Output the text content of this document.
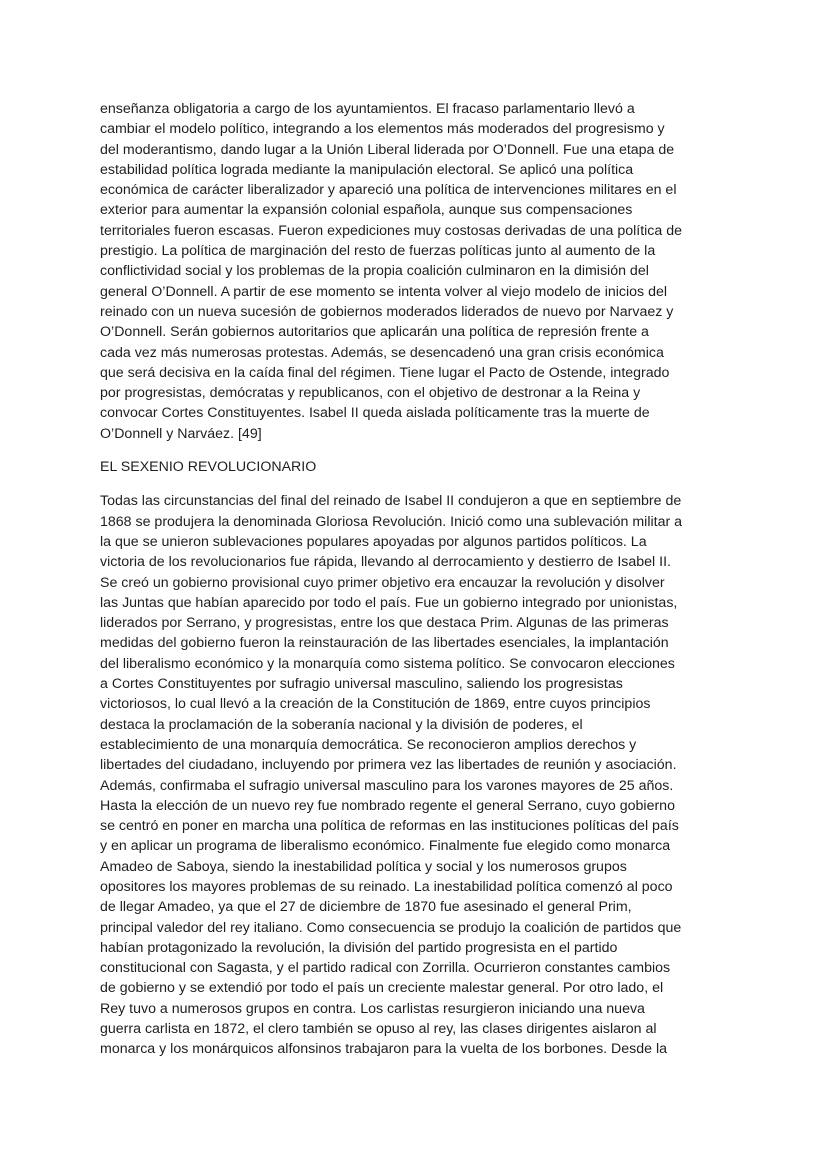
enseñanza obligatoria a cargo de los ayuntamientos. El fracaso parlamentario llevó a
cambiar el modelo político, integrando a los elementos más moderados del progresismo y
del moderantismo, dando lugar a la Unión Liberal liderada por O’Donnell. Fue una etapa de
estabilidad política lograda mediante la manipulación electoral. Se aplicó una política
económica de carácter liberalizador y apareció una política de intervenciones militares en el
exterior para aumentar la expansión colonial española, aunque sus compensaciones
territoriales fueron escasas. Fueron expediciones muy costosas derivadas de una política de
prestigio. La política de marginación del resto de fuerzas políticas junto al aumento de la
conflictividad social y los problemas de la propia coalición culminaron en la dimisión del
general O’Donnell. A partir de ese momento se intenta volver al viejo modelo de inicios del
reinado con un nueva sucesión de gobiernos moderados liderados de nuevo por Narvaez y
O’Donnell. Serán gobiernos autoritarios que aplicarán una política de represión frente a
cada vez más numerosas protestas. Además, se desencadenó una gran crisis económica
que será decisiva en la caída final del régimen. Tiene lugar el Pacto de Ostende, integrado
por progresistas, demócratas y republicanos, con el objetivo de destronar a la Reina y
convocar Cortes Constituyentes. Isabel II queda aislada políticamente tras la muerte de
O’Donnell y Narváez. [49]
EL SEXENIO REVOLUCIONARIO
Todas las circunstancias del final del reinado de Isabel II condujeron a que en septiembre de
1868 se produjera la denominada Gloriosa Revolución. Inició como una sublevación militar a
la que se unieron sublevaciones populares apoyadas por algunos partidos políticos. La
victoria de los revolucionarios fue rápida, llevando al derrocamiento y destierro de Isabel II.
Se creó un gobierno provisional cuyo primer objetivo era encauzar la revolución y disolver
las Juntas que habían aparecido por todo el país. Fue un gobierno integrado por unionistas,
liderados por Serrano, y progresistas, entre los que destaca Prim. Algunas de las primeras
medidas del gobierno fueron la reinstauración de las libertades esenciales, la implantación
del liberalismo económico y la monarquía como sistema político. Se convocaron elecciones
a Cortes Constituyentes por sufragio universal masculino, saliendo los progresistas
victoriosos, lo cual llevó a la creación de la Constitución de 1869, entre cuyos principios
destaca la proclamación de la soberanía nacional y la división de poderes, el
establecimiento de una monarquía democrática. Se reconocieron amplios derechos y
libertades del ciudadano, incluyendo por primera vez las libertades de reunión y asociación.
Además, confirmaba el sufragio universal masculino para los varones mayores de 25 años.
Hasta la elección de un nuevo rey fue nombrado regente el general Serrano, cuyo gobierno
se centró en poner en marcha una política de reformas en las instituciones políticas del país
y en aplicar un programa de liberalismo económico. Finalmente fue elegido como monarca
Amadeo de Saboya, siendo la inestabilidad política y social y los numerosos grupos
opositores los mayores problemas de su reinado. La inestabilidad política comenzó al poco
de llegar Amadeo, ya que el 27 de diciembre de 1870 fue asesinado el general Prim,
principal valedor del rey italiano. Como consecuencia se produjo la coalición de partidos que
habían protagonizado la revolución, la división del partido progresista en el partido
constitucional con Sagasta, y el partido radical con Zorrilla. Ocurrieron constantes cambios
de gobierno y se extendió por todo el país un creciente malestar general. Por otro lado, el
Rey tuvo a numerosos grupos en contra. Los carlistas resurgieron iniciando una nueva
guerra carlista en 1872, el clero también se opuso al rey, las clases dirigentes aislaron al
monarca y los monárquicos alfonsinos trabajaron para la vuelta de los borbones. Desde la
